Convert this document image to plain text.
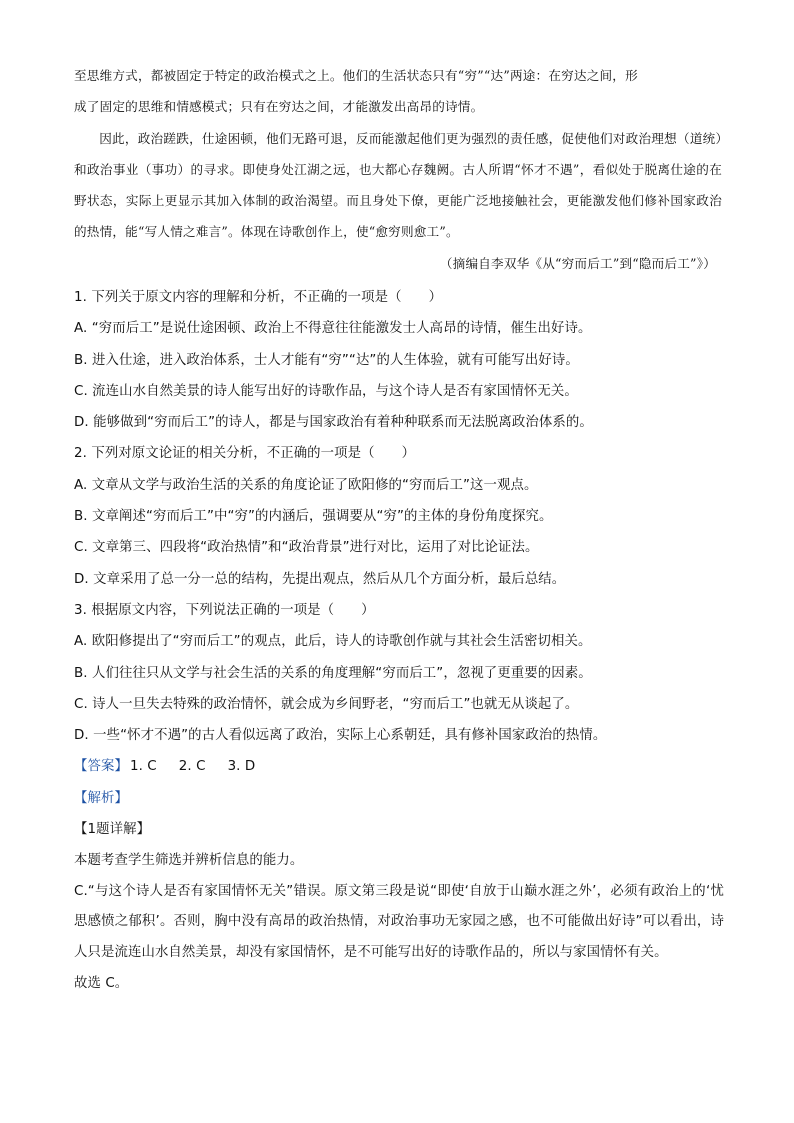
至思维方式，都被固定于特定的政治模式之上。他们的生活状态只有“穷”“达”两途：在穷达之间，形

成了固定的思维和情感模式；只有在穷达之间，才能激发出高昂的诗情。

因此，政治蹉跌，仕途困顿，他们无路可退，反而能激起他们更为强烈的责任感，促使他们对政治理想（道统）和政治事业（事功）的寻求。即使身处江湖之远，也大都心存魏阙。古人所谓“怀才不遇”，看似处于脱离仕途的在野状态，实际上更显示其加入体制的政治渴望。而且身处下僚，更能广泛地接触社会，更能激发他们修补国家政治的热情，能“写人情之难言”。体现在诗歌创作上，使“愈穷则愈工”。

（摘编自李双华《从“穷而后工”到“隐而后工”》）

1. 下列关于原文内容的理解和分析，不正确的一项是（　　）

A. “穷而后工”是说仕途困顿、政治上不得意往往能激发士人高昂的诗情，催生出好诗。

B. 进入仕途，进入政治体系，士人才能有“穷”“达”的人生体验，就有可能写出好诗。

C. 流连山水自然美景的诗人能写出好的诗歌作品，与这个诗人是否有家国情怀无关。

D. 能够做到“穷而后工”的诗人，都是与国家政治有着种种联系而无法脱离政治体系的。

2. 下列对原文论证的相关分析，不正确的一项是（　　）

A. 文章从文学与政治生活的关系的角度论证了欧阳修的“穷而后工”这一观点。

B. 文章阐述“穷而后工”中“穷”的内涵后，强调要从“穷”的主体的身份角度探究。

C. 文章第三、四段将“政治热情”和“政治背景”进行对比，运用了对比论证法。

D. 文章采用了总一分一总的结构，先提出观点，然后从几个方面分析，最后总结。

3. 根据原文内容，下列说法正确的一项是（　　）

A. 欧阳修提出了“穷而后工”的观点，此后，诗人的诗歌创作就与其社会生活密切相关。

B. 人们往往只从文学与社会生活的关系的角度理解“穷而后工”，忽视了更重要的因素。

C. 诗人一旦失去特殊的政治情怀，就会成为乡间野老，“穷而后工”也就无从谈起了。

D. 一些“怀才不遇”的古人看似远离了政治，实际上心系朝廷，具有修补国家政治的热情。

【答案】 1. C 2. C 3. D

【解析】

【1题详解】

本题考查学生筛选并辨析信息的能力。

C.“与这个诗人是否有家国情怀无关”错误。原文第三段是说“即使‘自放于山巅水涯之外’，必须有政治上的‘忧思感愤之郁积’。否则，胸中没有高昂的政治热情，对政治事功无家园之感，也不可能做出好诗”可以看出，诗人只是流连山水自然美景，却没有家国情怀，是不可能写出好的诗歌作品的，所以与家国情怀有关。

故选 C。
